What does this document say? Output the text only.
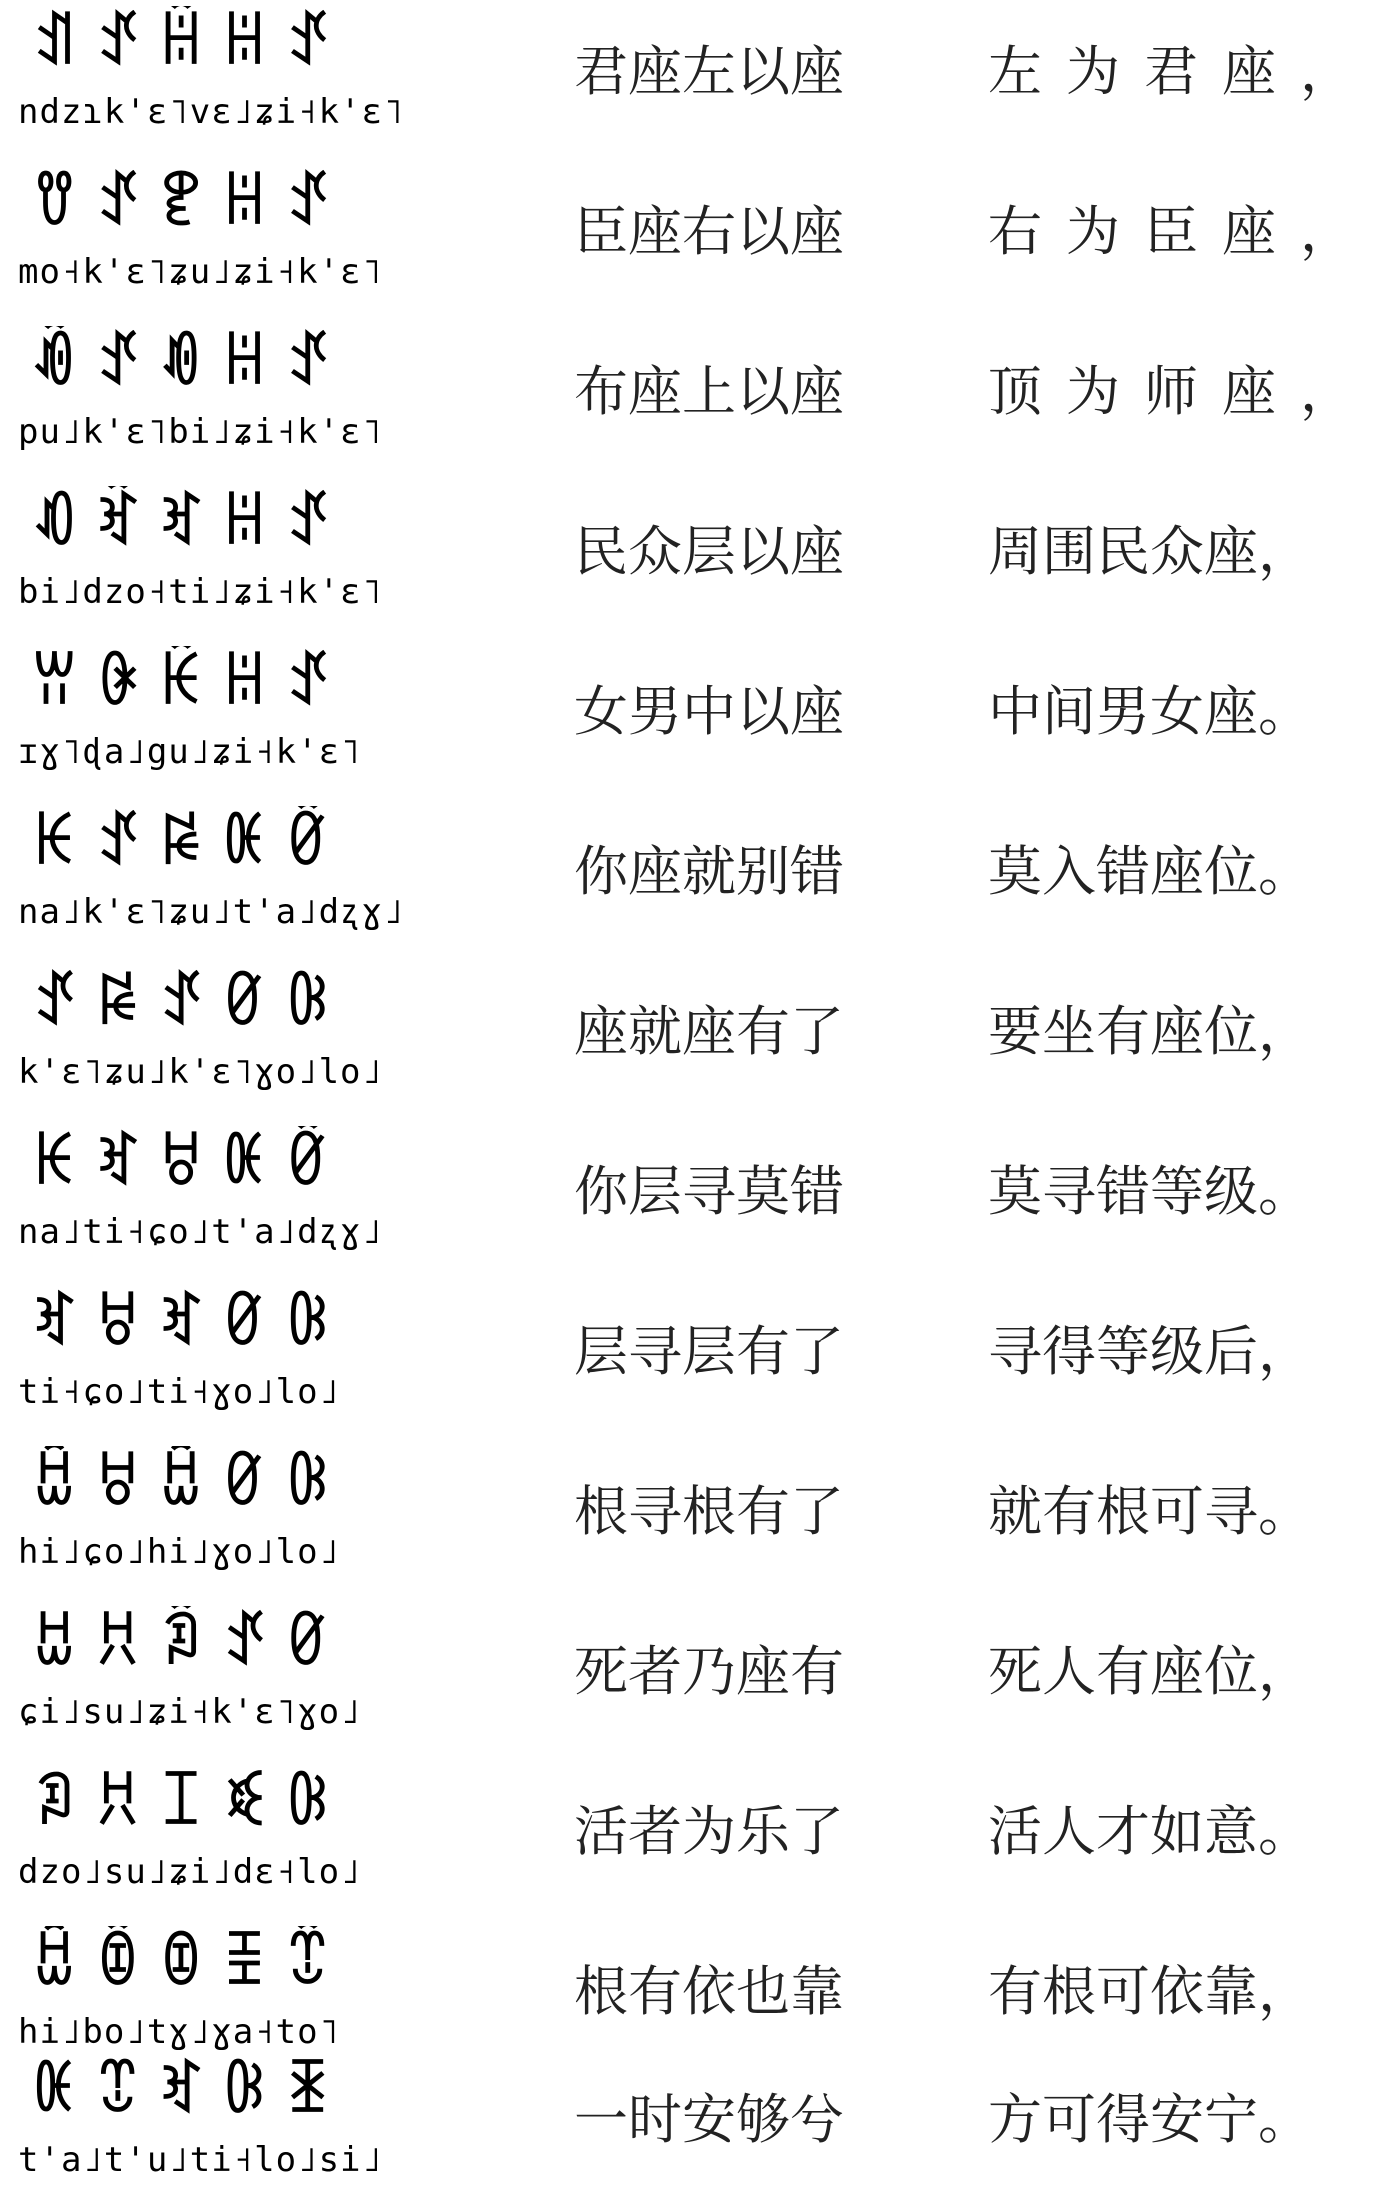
ꀊꀋꀌꀍꀋ
ndzɿk'ɛ˥vɛ˩ʑi˧k'ɛ˥
君座左以座	左为君座，
ꀎꀋꀏꀍꀋ
mo˧k'ɛ˥ʑu˩ʑi˧k'ɛ˥
臣座右以座	右为臣座，
ꀐꀋꀑꀍꀋ
pu˩k'ɛ˥bi˩ʑi˧k'ɛ˥
布座上以座	顶为师座，
ꀒꀓꀔꀍꀋ
bi˩dzo˧ti˩ʑi˧k'ɛ˥
民众层以座	周围民众座，
ꀕꀖꀗꀍꀋ
ɪɣ˥ɖa˩gu˩ʑi˧k'ɛ˥
女男中以座	中间男女座。
ꀘꀋꀙꀚꀛ
na˩k'ɛ˥ʑu˩t'a˩dʐɣ˩
你座就别错	莫入错座位。
ꀋꀙꀋꀜꀝ
k'ɛ˥ʑu˩k'ɛ˥ɣo˩lo˩
座就座有了	要坐有座位，
ꀘꀔꀞꀚꀛ
na˩ti˧ɕo˩t'a˩dʐɣ˩
你层寻莫错	莫寻错等级。
ꀔꀞꀔꀜꀝ
ti˧ɕo˩ti˧ɣo˩lo˩
层寻层有了	寻得等级后，
ꀟꀞꀟꀜꀝ
hi˩ɕo˩hi˩ɣo˩lo˩
根寻根有了	就有根可寻。
ꀠꀡꀢꀋꀜ
ɕi˩su˩ʑi˧k'ɛ˥ɣo˩
死者乃座有	死人有座位，
ꀣꀡꀤꀥꀝ
dzo˩su˩ʑi˩dɛ˧lo˩
活者为乐了	活人才如意。
ꀟꀦꀧꀨꀩ
hi˩bo˩tɣ˩ɣa˧to˥
根有依也靠	有根可依靠，
ꀚꀪꀔꀝꀫ
t'a˩t'u˩ti˧lo˩si˩
一时安够兮	方可得安宁。
